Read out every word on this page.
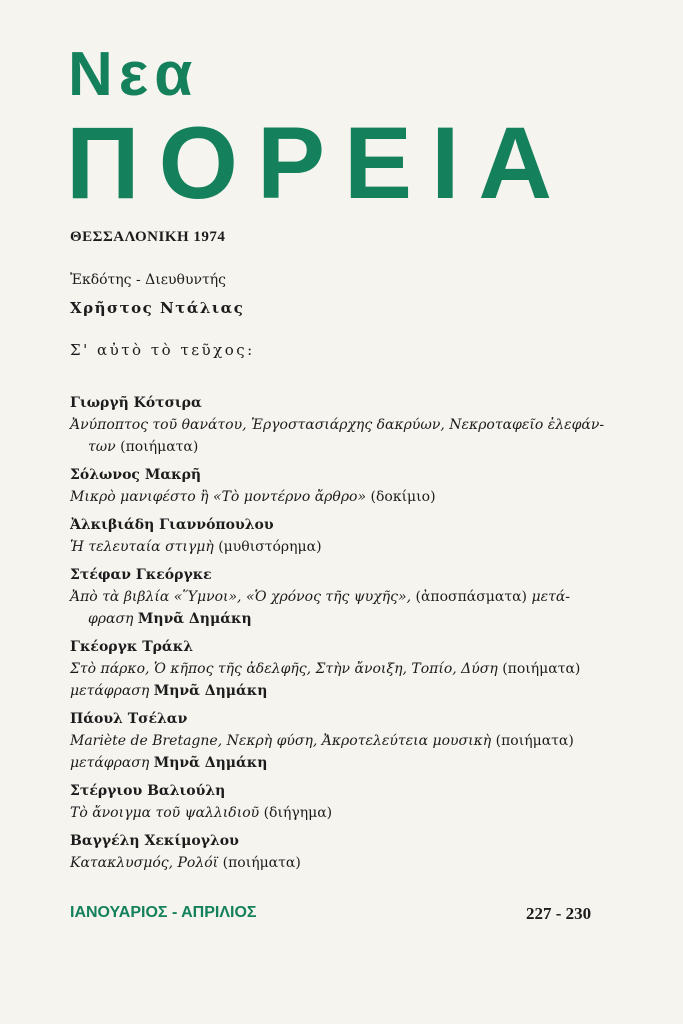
Νεα
ΠΟΡΕΙΑ
ΘΕΣΣΑΛΟΝΙΚΗ 1974
Ἐκδότης - Διευθυντής
Χρῆστος Ντάλιας
Σ' αὐτὸ τὸ τεῦχος:
Γιωργῆ Κότσιρα
Ἀνύποπτος τοῦ θανάτου, Ἐργοστασιάρχης δακρύων, Νεκροταφεῖο ἐλεφάν-
των (ποιήματα)
Σόλωνος Μακρῆ
Μικρὸ μανιφέστο ἢ «Τὸ μοντέρνο ἄρθρο» (δοκίμιο)
Ἀλκιβιάδη Γιαννόπουλου
Ἡ τελευταία στιγμὴ (μυθιστόρημα)
Στέφαν Γκεόργκε
Ἀπὸ τὰ βιβλία «Ὕμνοι», «Ὁ χρόνος τῆς ψυχῆς», (ἀποσπάσματα) μετά-
φραση Μηνᾶ Δημάκη
Γκέοργκ Τράκλ
Στὸ πάρκο, Ὁ κῆπος τῆς ἀδελφῆς, Στὴν ἄνοιξη, Τοπίο, Δύση (ποιήματα)
μετάφραση Μηνᾶ Δημάκη
Πάουλ Τσέλαν
Mariète de Bretagne, Νεκρὴ φύση, Ἀκροτελεύτεια μουσικὴ (ποιήματα)
μετάφραση Μηνᾶ Δημάκη
Στέργιου Βαλιούλη
Τὸ ἄνοιγμα τοῦ ψαλλιδιοῦ (διήγημα)
Βαγγέλη Χεκίμογλου
Κατακλυσμός, Ρολόϊ (ποιήματα)
ΙΑΝΟΥΑΡΙΟΣ - ΑΠΡΙΛΙΟΣ	227 - 230
